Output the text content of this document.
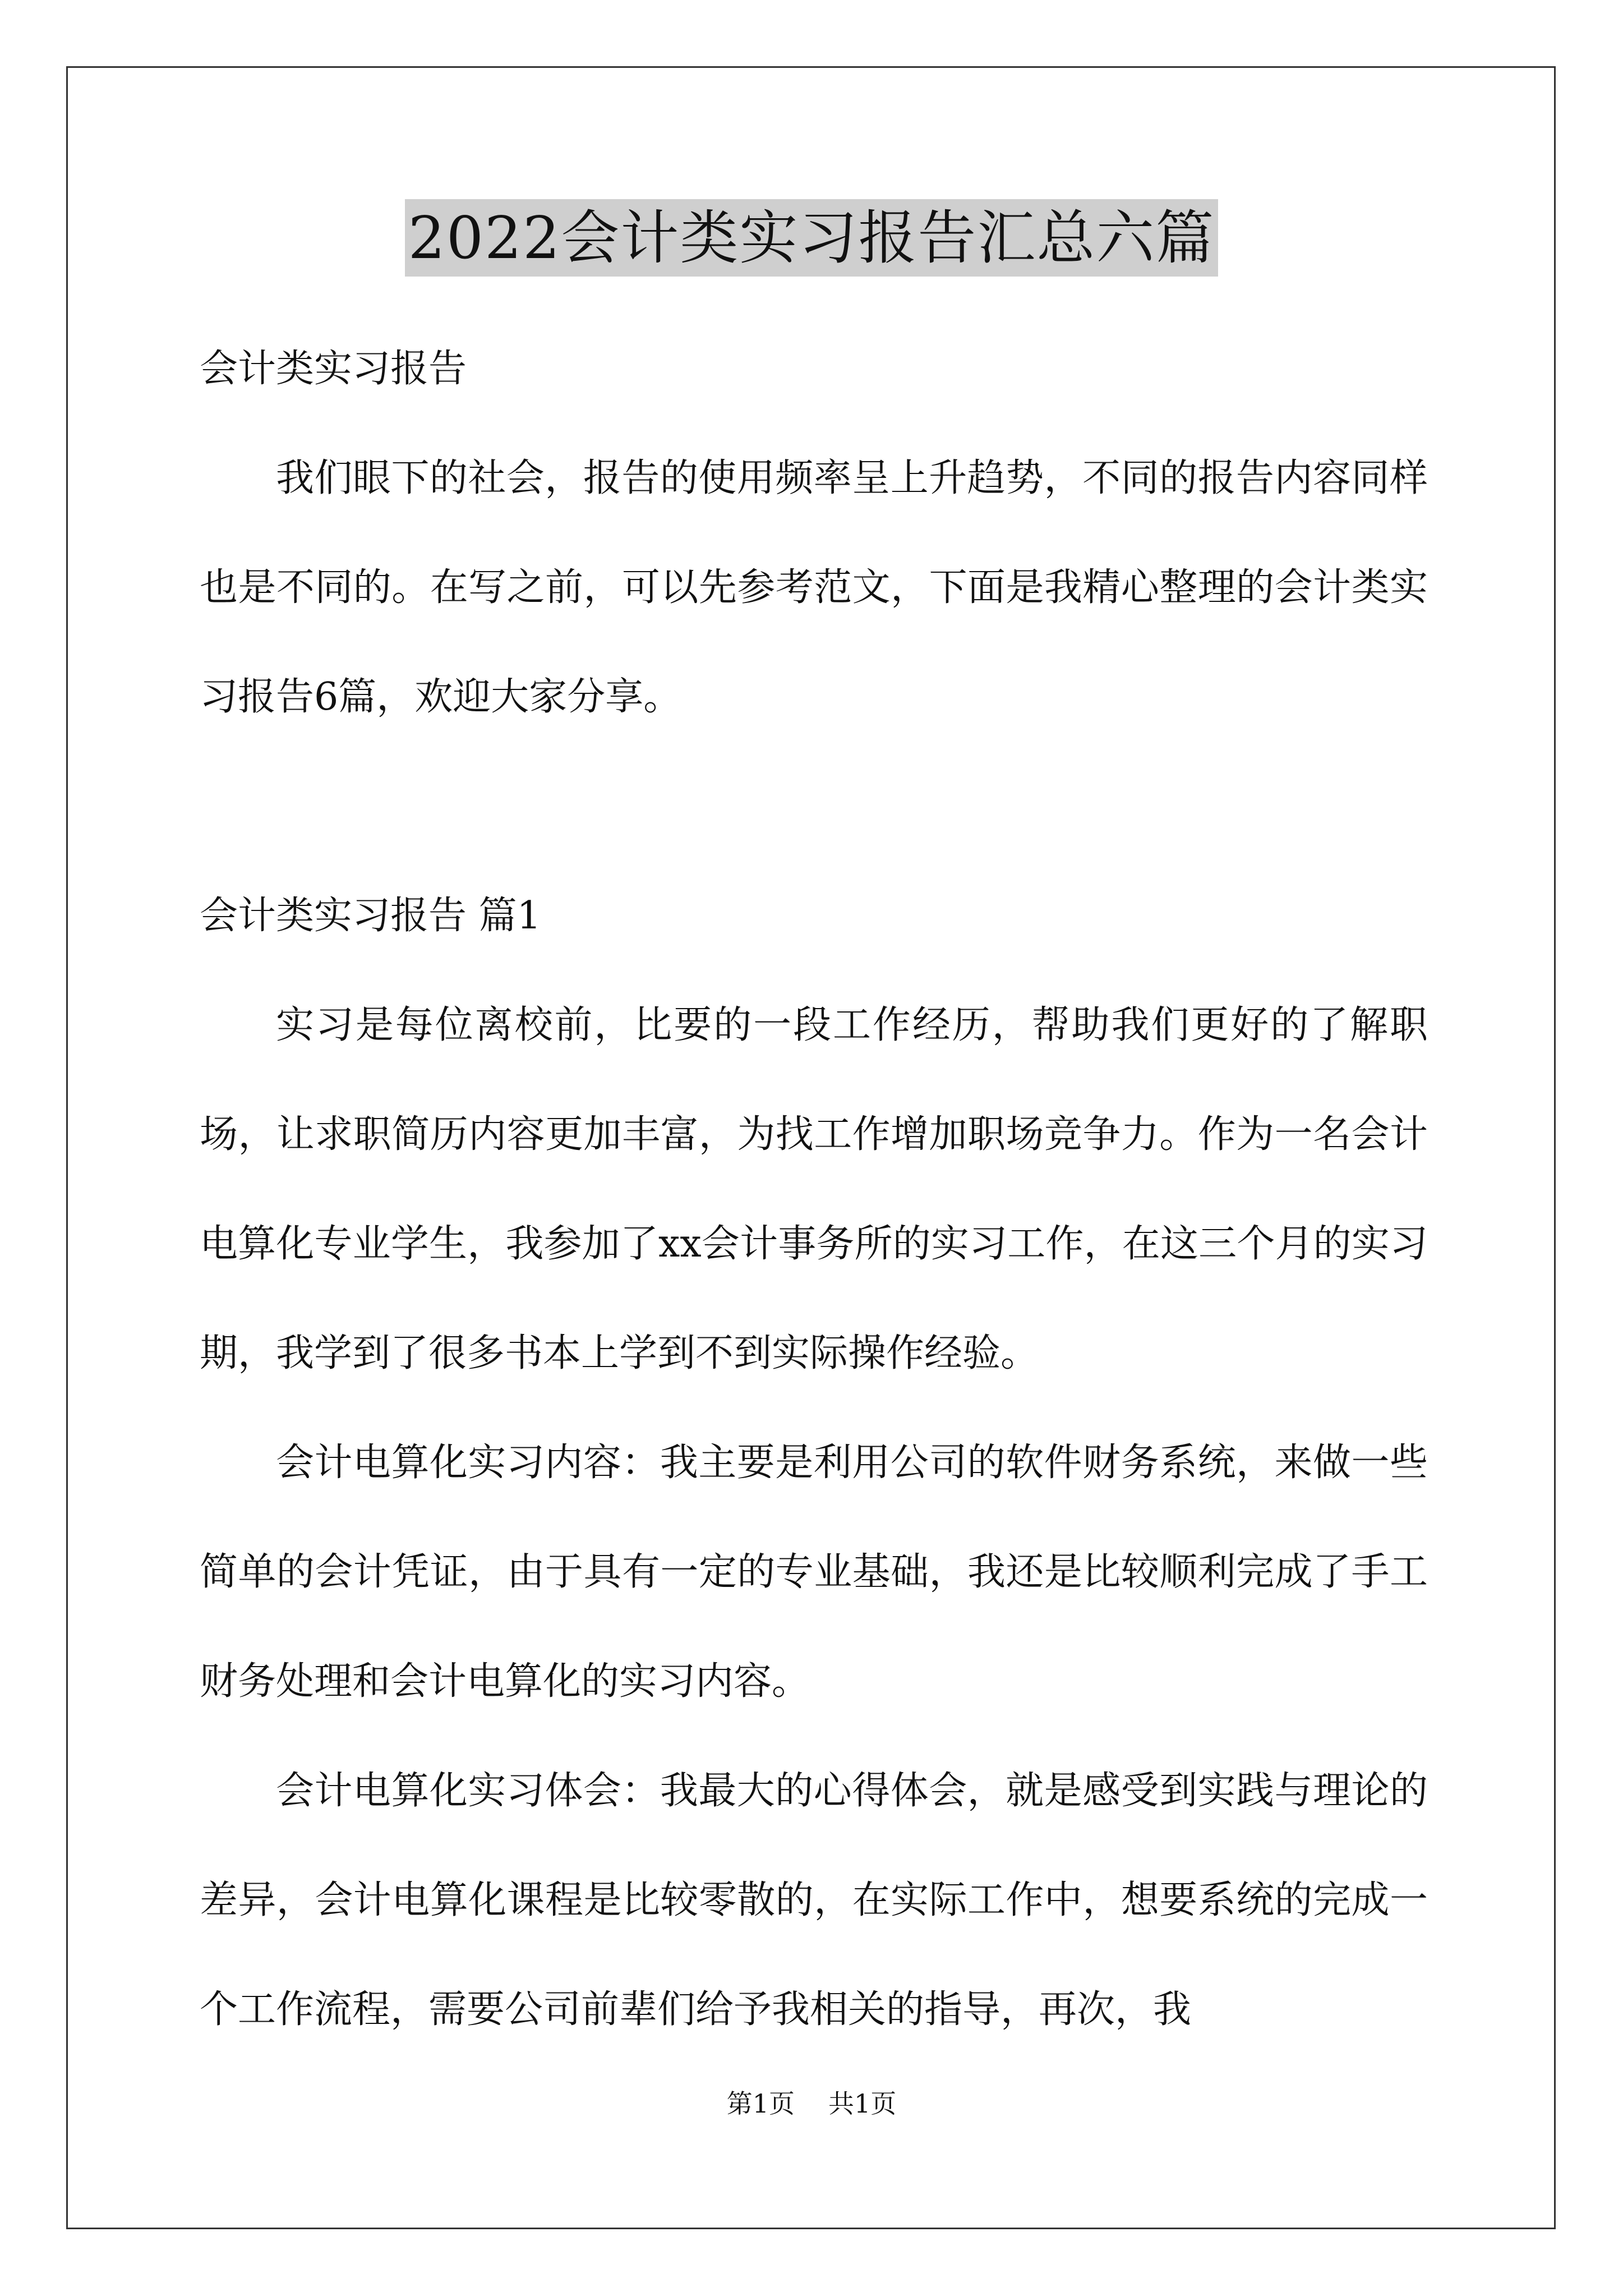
2022会计类实习报告汇总六篇

会计类实习报告

我们眼下的社会，报告的使用频率呈上升趋势，不同的报告内容同样也是不同的。在写之前，可以先参考范文，下面是我精心整理的会计类实习报告6篇，欢迎大家分享。

会计类实习报告 篇1

实习是每位离校前，比要的一段工作经历，帮助我们更好的了解职场，让求职简历内容更加丰富，为找工作增加职场竞争力。作为一名会计电算化专业学生，我参加了xx会计事务所的实习工作，在这三个月的实习期，我学到了很多书本上学到不到实际操作经验。

会计电算化实习内容：我主要是利用公司的软件财务系统，来做一些简单的会计凭证，由于具有一定的专业基础，我还是比较顺利完成了手工财务处理和会计电算化的实习内容。

会计电算化实习体会：我最大的心得体会，就是感受到实践与理论的差异，会计电算化课程是比较零散的，在实际工作中，想要系统的完成一个工作流程，需要公司前辈们给予我相关的指导，再次，我

第1页 共1页
